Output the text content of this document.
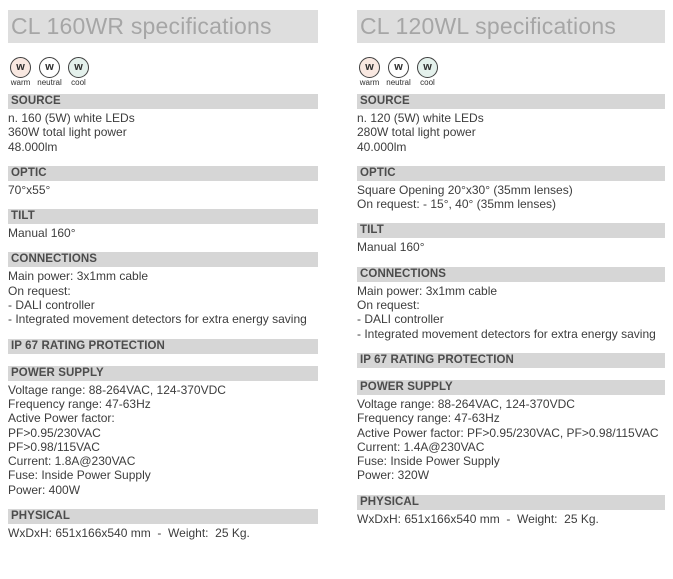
CL 160WR specifications
w
warm
w
neutral
w
cool
SOURCE
n. 160 (5W) white LEDs
360W total light power
48.000lm
OPTIC
70°x55°
TILT
Manual 160°
CONNECTIONS
Main power: 3x1mm cable
On request:
- DALI controller
- Integrated movement detectors for extra energy saving
IP 67 RATING PROTECTION
POWER SUPPLY
Voltage range: 88-264VAC, 124-370VDC
Frequency range: 47-63Hz
Active Power factor:
PF>0.95/230VAC
PF>0.98/115VAC
Current: 1.8A@230VAC
Fuse: Inside Power Supply
Power: 400W
PHYSICAL
WxDxH: 651x166x540 mm  -  Weight:  25 Kg.
CL 120WL specifications
w
warm
w
neutral
w
cool
SOURCE
n. 120 (5W) white LEDs
280W total light power
40.000lm
OPTIC
Square Opening 20°x30° (35mm lenses)
On request: - 15°, 40° (35mm lenses)
TILT
Manual 160°
CONNECTIONS
Main power: 3x1mm cable
On request:
- DALI controller
- Integrated movement detectors for extra energy saving
IP 67 RATING PROTECTION
POWER SUPPLY
Voltage range: 88-264VAC, 124-370VDC
Frequency range: 47-63Hz
Active Power factor: PF>0.95/230VAC, PF>0.98/115VAC
Current: 1.4A@230VAC
Fuse: Inside Power Supply
Power: 320W
PHYSICAL
WxDxH: 651x166x540 mm  -  Weight:  25 Kg.
